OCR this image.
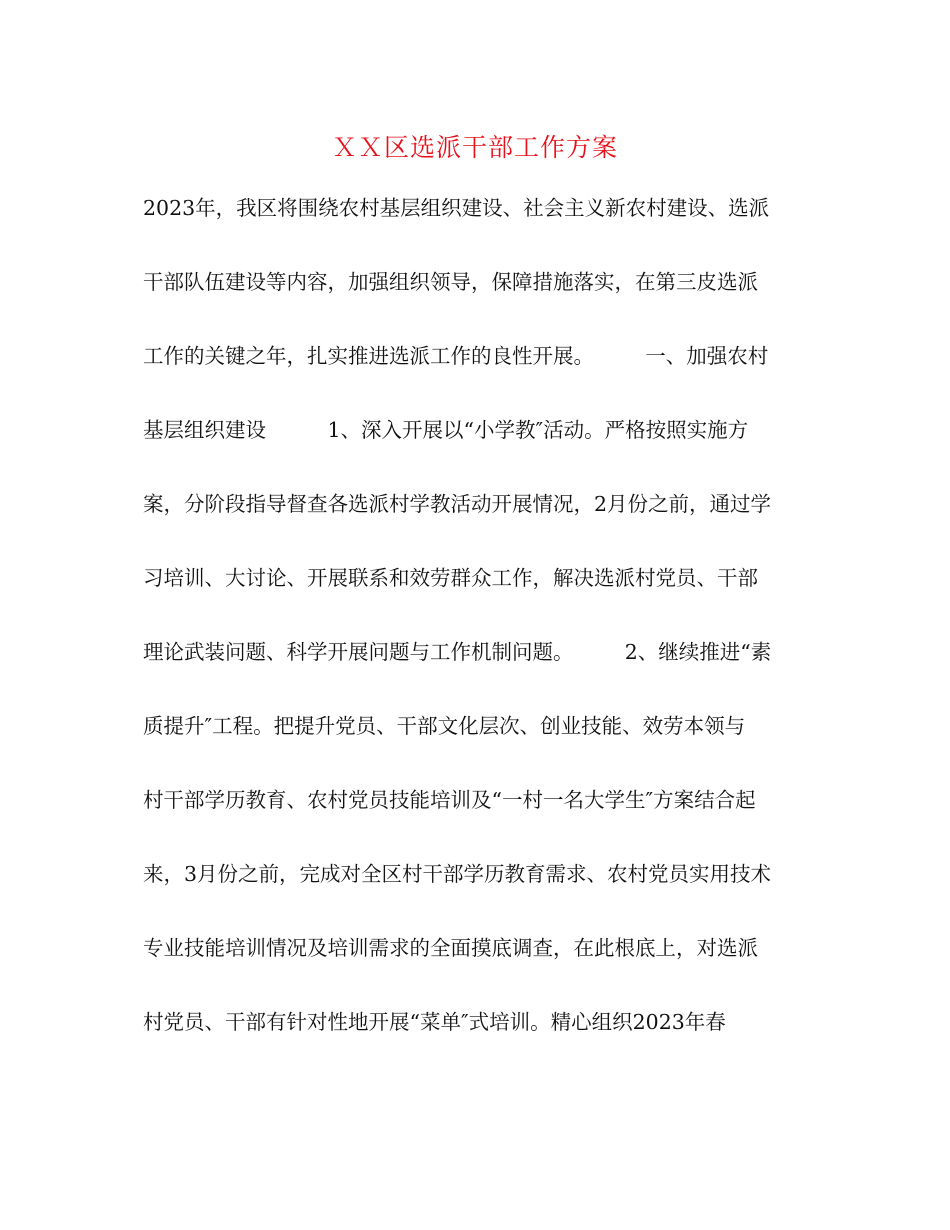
ＸＸ区选派干部工作方案
2023年，我区将围绕农村基层组织建设、社会主义新农村建设、选派
干部队伍建设等内容，加强组织领导，保障措施落实，在第三皮选派
工作的关键之年，扎实推进选派工作的良性开展。　　　一、加强农村
基层组织建设　　　1、深入开展以“小学教″活动。严格按照实施方
案，分阶段指导督查各选派村学教活动开展情况，2月份之前，通过学
习培训、大讨论、开展联系和效劳群众工作，解决选派村党员、干部
理论武装问题、科学开展问题与工作机制问题。　　　2、继续推进“素
质提升″工程。把提升党员、干部文化层次、创业技能、效劳本领与
村干部学历教育、农村党员技能培训及“一村一名大学生″方案结合起
来，3月份之前，完成对全区村干部学历教育需求、农村党员实用技术
专业技能培训情况及培训需求的全面摸底调查，在此根底上，对选派
村党员、干部有针对性地开展“菜单″式培训。精心组织2023年春
